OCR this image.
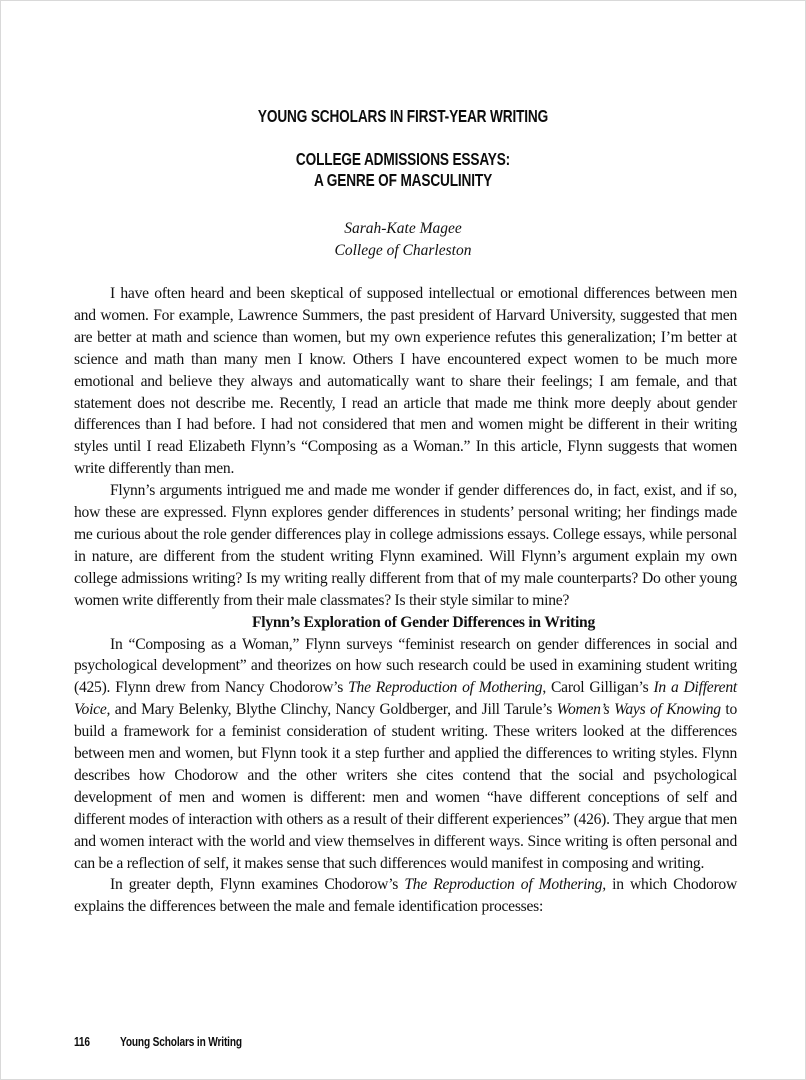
YOUNG SCHOLARS IN FIRST-YEAR WRITING
COLLEGE ADMISSIONS ESSAYS:
A GENRE OF MASCULINITY
Sarah-Kate Magee
College of Charleston

I have often heard and been skeptical of supposed intellectual or emotional differences between men and women. For example, Lawrence Summers, the past president of Harvard University, suggested that men are better at math and science than women, but my own experience refutes this generalization; I’m better at science and math than many men I know. Others I have encountered expect women to be much more emotional and believe they always and automatically want to share their feelings; I am female, and that statement does not describe me. Recently, I read an article that made me think more deeply about gender differences than I had before. I had not considered that men and women might be different in their writing styles until I read Elizabeth Flynn’s “Composing as a Woman.” In this article, Flynn suggests that women write differently than men.

Flynn’s arguments intrigued me and made me wonder if gender differences do, in fact, exist, and if so, how these are expressed. Flynn explores gender differences in students’ personal writing; her findings made me curious about the role gender differences play in college admissions essays. College essays, while personal in nature, are different from the student writing Flynn examined. Will Flynn’s argument explain my own college admissions writing? Is my writing really different from that of my male counterparts? Do other young women write differently from their male classmates? Is their style similar to mine?

Flynn’s Exploration of Gender Differences in Writing

In “Composing as a Woman,” Flynn surveys “feminist research on gender differences in social and psychological development” and theorizes on how such research could be used in examining student writing (425). Flynn drew from Nancy Chodorow’s The Reproduction of Mothering, Carol Gilligan’s In a Different Voice, and Mary Belenky, Blythe Clinchy, Nancy Goldberger, and Jill Tarule’s Women’s Ways of Knowing to build a framework for a feminist consideration of student writing. These writers looked at the differences between men and women, but Flynn took it a step further and applied the differences to writing styles. Flynn describes how Chodorow and the other writers she cites contend that the social and psychological development of men and women is different: men and women “have different conceptions of self and different modes of interaction with others as a result of their different experiences” (426). They argue that men and women interact with the world and view themselves in different ways. Since writing is often personal and can be a reflection of self, it makes sense that such differences would manifest in composing and writing.

In greater depth, Flynn examines Chodorow’s The Reproduction of Mothering, in which Chodorow explains the differences between the male and female identification processes:

116 Young Scholars in Writing
